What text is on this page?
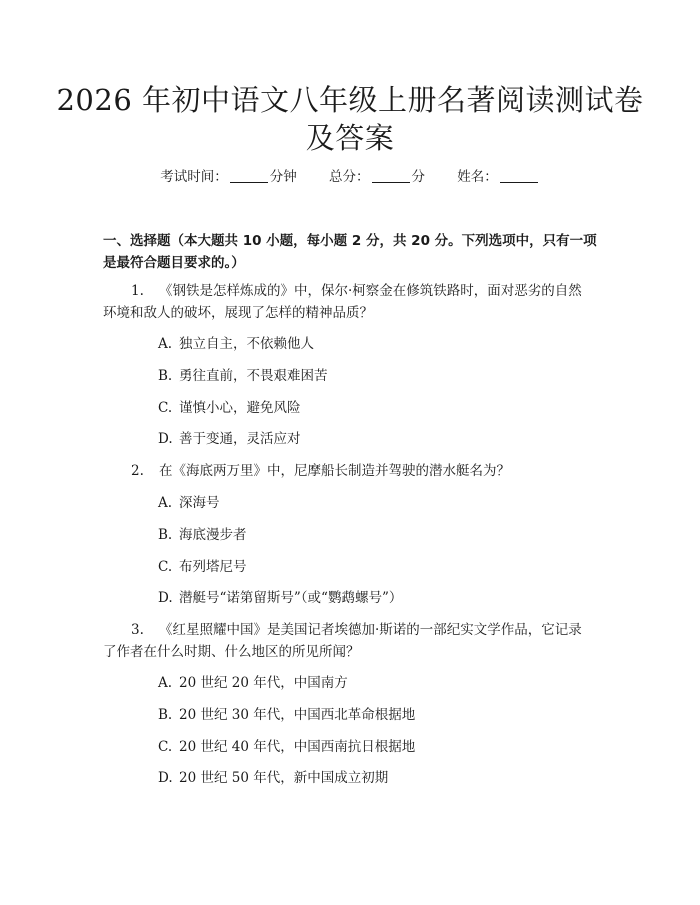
2026 年初中语文八年级上册名著阅读测试卷
及答案
考试时间：	分钟 总分：	分 姓名：
一、选择题（本大题共 10 小题，每小题 2 分，共 20 分。下列选项中，只有一项
是最符合题目要求的。）
1. 《钢铁是怎样炼成的》中，保尔·柯察金在修筑铁路时，面对恶劣的自然
环境和敌人的破坏，展现了怎样的精神品质？
A. 独立自主，不依赖他人
B. 勇往直前，不畏艰难困苦
C. 谨慎小心，避免风险
D. 善于变通，灵活应对
2. 在《海底两万里》中，尼摩船长制造并驾驶的潜水艇名为？
A. 深海号
B. 海底漫步者
C. 布列塔尼号
D. 潜艇号“诺第留斯号”（或“鹦鹉螺号”）
3. 《红星照耀中国》是美国记者埃德加·斯诺的一部纪实文学作品，它记录
了作者在什么时期、什么地区的所见所闻？
A. 20 世纪 20 年代，中国南方
B. 20 世纪 30 年代，中国西北革命根据地
C. 20 世纪 40 年代，中国西南抗日根据地
D. 20 世纪 50 年代，新中国成立初期
